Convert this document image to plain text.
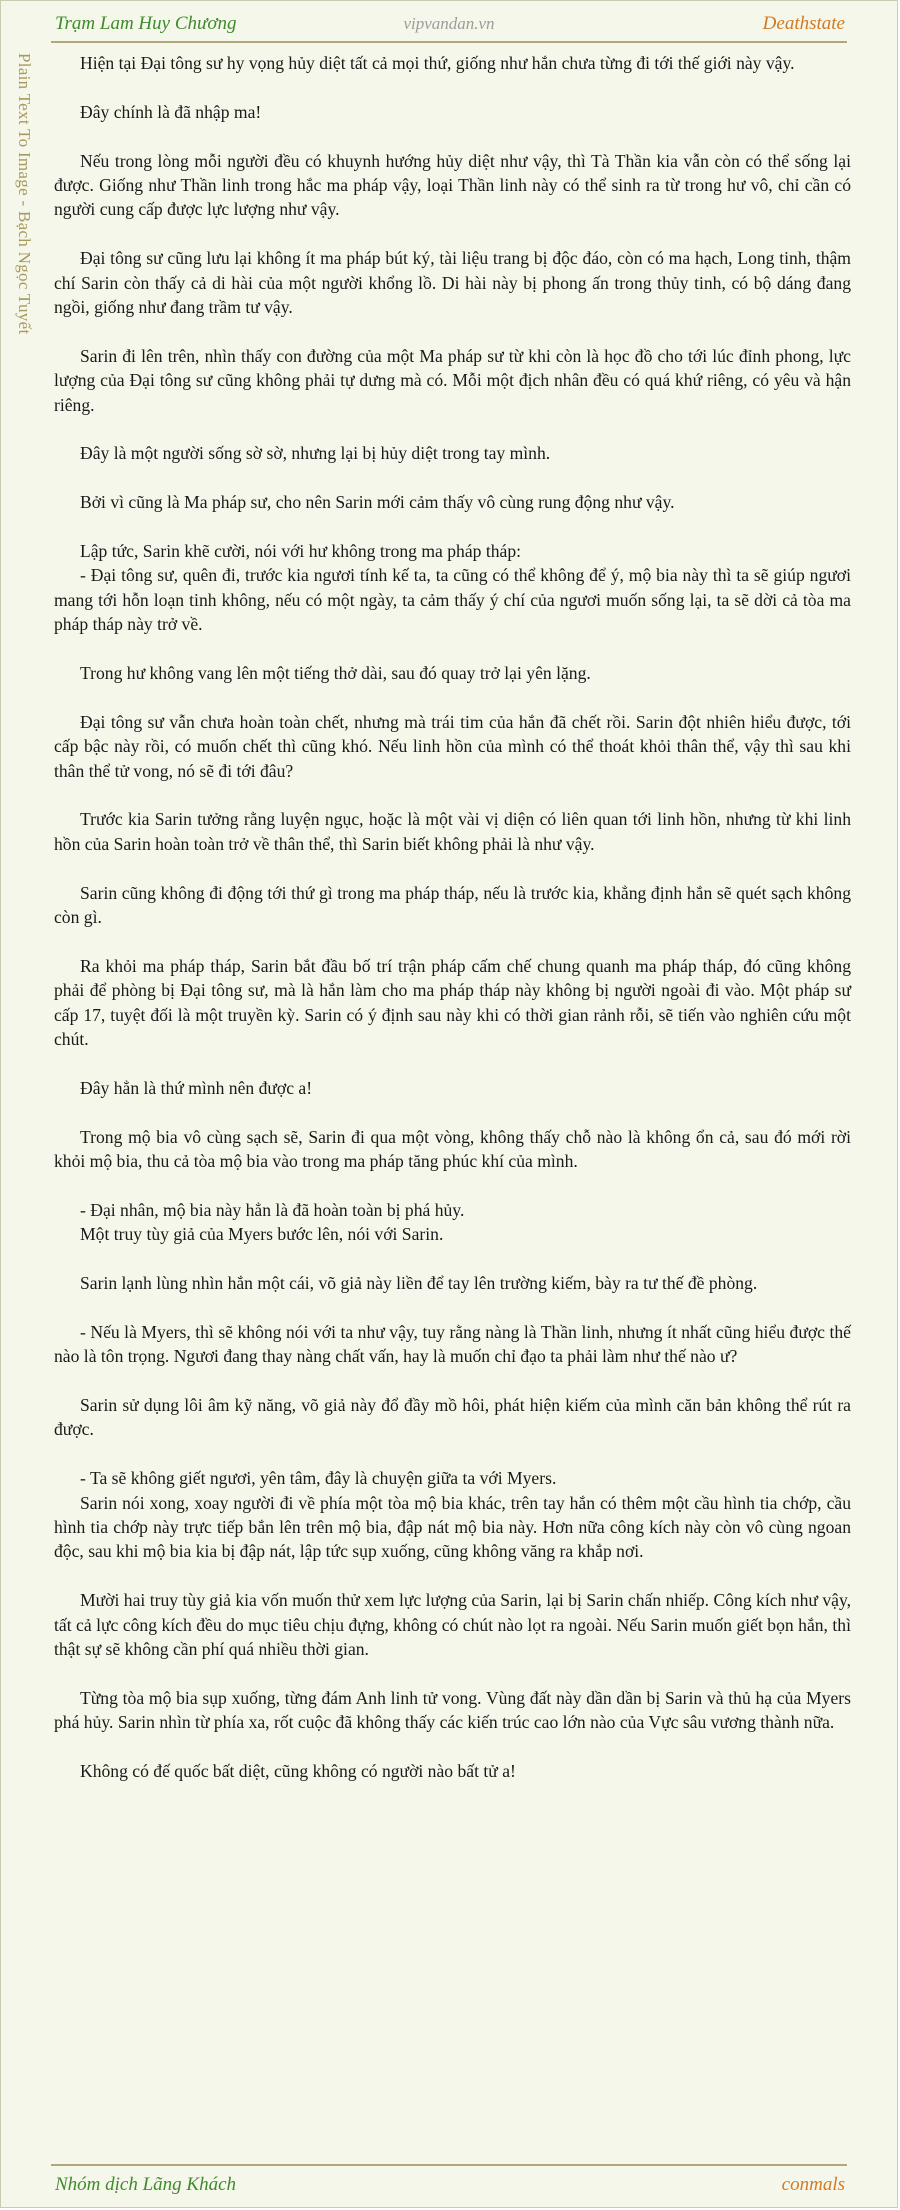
Trạm Lam Huy Chương	vipvandan.vn	Deathstate
Plain Text To Image - Bạch Ngọc Tuyết	Hiện tại Đại tông sư hy vọng hủy diệt tất cả mọi thứ, giống như hắn chưa từng đi tới thế giới này vậy.

Đây chính là đã nhập ma!

Nếu trong lòng mỗi người đều có khuynh hướng hủy diệt như vậy, thì Tà Thần kia vẫn còn có thể sống lại được. Giống như Thần linh trong hắc ma pháp vậy, loại Thần linh này có thể sinh ra từ trong hư vô, chỉ cần có người cung cấp được lực lượng như vậy.

Đại tông sư cũng lưu lại không ít ma pháp bút ký, tài liệu trang bị độc đáo, còn có ma hạch, Long tinh, thậm chí Sarin còn thấy cả di hài của một người khổng lồ. Di hài này bị phong ấn trong thủy tinh, có bộ dáng đang ngồi, giống như đang trầm tư vậy.

Sarin đi lên trên, nhìn thấy con đường của một Ma pháp sư từ khi còn là học đồ cho tới lúc đỉnh phong, lực lượng của Đại tông sư cũng không phải tự dưng mà có. Mỗi một địch nhân đều có quá khứ riêng, có yêu và hận riêng.

Đây là một người sống sờ sờ, nhưng lại bị hủy diệt trong tay mình.

Bởi vì cũng là Ma pháp sư, cho nên Sarin mới cảm thấy vô cùng rung động như vậy.

Lập tức, Sarin khẽ cười, nói với hư không trong ma pháp tháp:
- Đại tông sư, quên đi, trước kia ngươi tính kế ta, ta cũng có thể không để ý, mộ bia này thì ta sẽ giúp ngươi mang tới hỗn loạn tinh không, nếu có một ngày, ta cảm thấy ý chí của ngươi muốn sống lại, ta sẽ dời cả tòa ma pháp tháp này trở về.

Trong hư không vang lên một tiếng thở dài, sau đó quay trở lại yên lặng.

Đại tông sư vẫn chưa hoàn toàn chết, nhưng mà trái tim của hắn đã chết rồi. Sarin đột nhiên hiểu được, tới cấp bậc này rồi, có muốn chết thì cũng khó. Nếu linh hồn của mình có thể thoát khỏi thân thể, vậy thì sau khi thân thể tử vong, nó sẽ đi tới đâu?

Trước kia Sarin tưởng rằng luyện ngục, hoặc là một vài vị diện có liên quan tới linh hồn, nhưng từ khi linh hồn của Sarin hoàn toàn trở về thân thể, thì Sarin biết không phải là như vậy.

Sarin cũng không đi động tới thứ gì trong ma pháp tháp, nếu là trước kia, khẳng định hắn sẽ quét sạch không còn gì.

Ra khỏi ma pháp tháp, Sarin bắt đầu bố trí trận pháp cấm chế chung quanh ma pháp tháp, đó cũng không phải để phòng bị Đại tông sư, mà là hắn làm cho ma pháp tháp này không bị người ngoài đi vào. Một pháp sư cấp 17, tuyệt đối là một truyền kỳ. Sarin có ý định sau này khi có thời gian rảnh rỗi, sẽ tiến vào nghiên cứu một chút.

Đây hẳn là thứ mình nên được a!

Trong mộ bia vô cùng sạch sẽ, Sarin đi qua một vòng, không thấy chỗ nào là không ổn cả, sau đó mới rời khỏi mộ bia, thu cả tòa mộ bia vào trong ma pháp tăng phúc khí của mình.

- Đại nhân, mộ bia này hẳn là đã hoàn toàn bị phá hủy.
Một truy tùy giả của Myers bước lên, nói với Sarin.

Sarin lạnh lùng nhìn hắn một cái, võ giả này liền để tay lên trường kiếm, bày ra tư thế đề phòng.

- Nếu là Myers, thì sẽ không nói với ta như vậy, tuy rằng nàng là Thần linh, nhưng ít nhất cũng hiểu được thế nào là tôn trọng. Ngươi đang thay nàng chất vấn, hay là muốn chỉ đạo ta phải làm như thế nào ư?

Sarin sử dụng lôi âm kỹ năng, võ giả này đổ đầy mồ hôi, phát hiện kiếm của mình căn bản không thể rút ra được.

- Ta sẽ không giết ngươi, yên tâm, đây là chuyện giữa ta với Myers.
Sarin nói xong, xoay người đi về phía một tòa mộ bia khác, trên tay hắn có thêm một cầu hình tia chớp, cầu hình tia chớp này trực tiếp bắn lên trên mộ bia, đập nát mộ bia này. Hơn nữa công kích này còn vô cùng ngoan độc, sau khi mộ bia kia bị đập nát, lập tức sụp xuống, cũng không văng ra khắp nơi.

Mười hai truy tùy giả kia vốn muốn thử xem lực lượng của Sarin, lại bị Sarin chấn nhiếp. Công kích như vậy, tất cả lực công kích đều do mục tiêu chịu đựng, không có chút nào lọt ra ngoài. Nếu Sarin muốn giết bọn hắn, thì thật sự sẽ không cần phí quá nhiều thời gian.

Từng tòa mộ bia sụp xuống, từng đám Anh linh tử vong. Vùng đất này dần dần bị Sarin và thủ hạ của Myers phá hủy. Sarin nhìn từ phía xa, rốt cuộc đã không thấy các kiến trúc cao lớn nào của Vực sâu vương thành nữa.

Không có đế quốc bất diệt, cũng không có người nào bất tử a!

Nhóm dịch Lãng Khách	conmals
